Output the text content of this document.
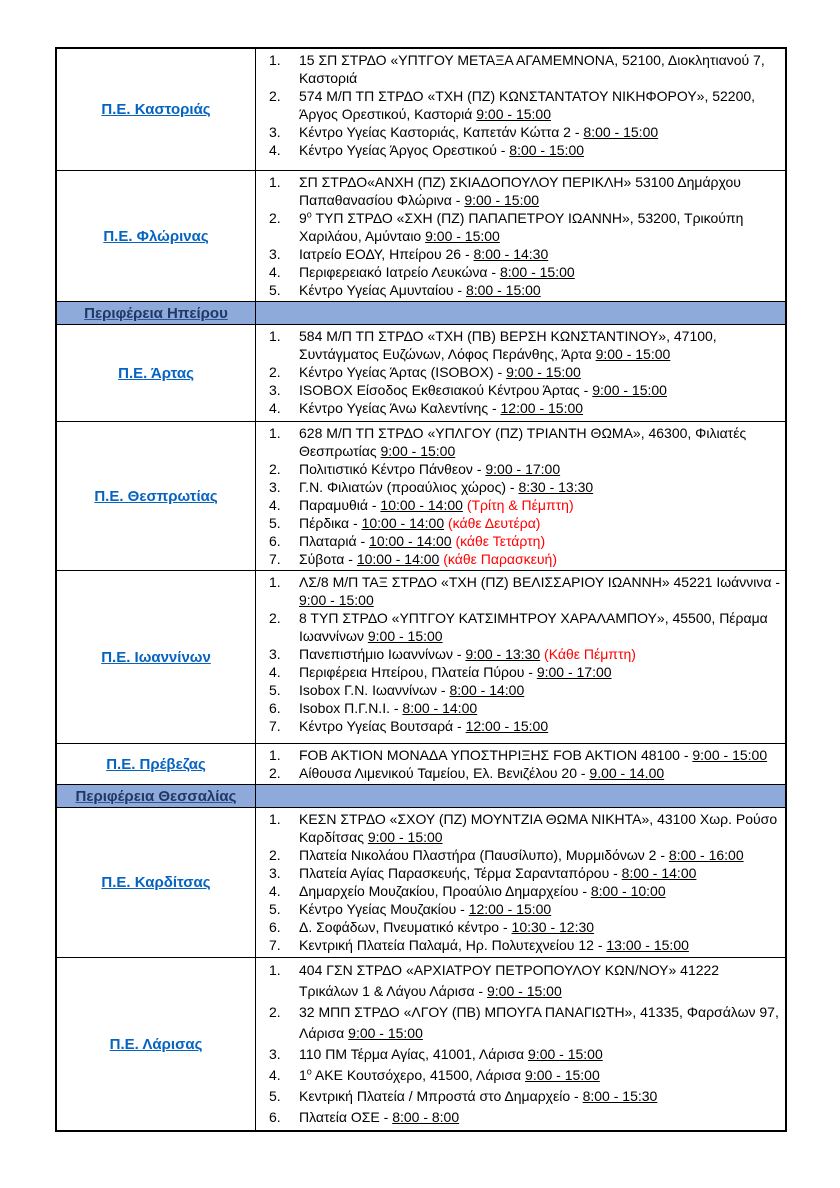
Π.Ε. Καστοριάς
1.	15 ΣΠ ΣΤΡΔΟ «ΥΠΤΓΟΥ ΜΕΤΑΞΑ ΑΓΑΜΕΜΝΟΝΑ, 52100, Διοκλητιανού 7, Καστοριά
2.	574 Μ/Π ΤΠ ΣΤΡΔΟ «ΤΧΗ (ΠΖ) ΚΩΝΣΤΑΝΤΑΤΟΥ ΝΙΚΗΦΟΡΟΥ», 52200, Άργος Ορεστικού, Καστοριά 9:00 - 15:00
3.	Κέντρο Υγείας Καστοριάς, Καπετάν Κώττα 2 - 8:00 - 15:00
4.	Κέντρο Υγείας Άργος Ορεστικού - 8:00 - 15:00
Π.Ε. Φλώρινας
1.	ΣΠ ΣΤΡΔΟ«ΑΝΧΗ (ΠΖ) ΣΚΙΑΔΟΠΟΥΛΟΥ ΠΕΡΙΚΛΗ» 53100 Δημάρχου Παπαθανασίου Φλώρινα - 9:00 - 15:00
2.	$9^o$ ΤΥΠ ΣΤΡΔΟ «ΣΧΗ (ΠΖ) ΠΑΠΑΠΕΤΡΟΥ ΙΩΑΝΝΗ», 53200, Τρικούπη Χαριλάου, Αμύνταιο 9:00 - 15:00
3.	Ιατρείο ΕΟΔΥ, Ηπείρου 26 - 8:00 - 14:30
4.	Περιφερειακό Ιατρείο Λευκώνα - 8:00 - 15:00
5.	Κέντρο Υγείας Αμυνταίου - 8:00 - 15:00
Περιφέρεια Ηπείρου
Π.Ε. Άρτας
1.	584 Μ/Π ΤΠ ΣΤΡΔΟ «ΤΧΗ (ΠΒ) ΒΕΡΣΗ ΚΩΝΣΤΑΝΤΙΝΟΥ», 47100, Συντάγματος Ευζώνων, Λόφος Περάνθης, Άρτα 9:00 - 15:00
2.	Κέντρο Υγείας Άρτας (ISOBOX) - 9:00 - 15:00
3.	ISOBOX Είσοδος Εκθεσιακού Κέντρου Άρτας - 9:00 - 15:00
4.	Κέντρο Υγείας Άνω Καλεντίνης - 12:00 - 15:00
Π.Ε. Θεσπρωτίας
1.	628 Μ/Π ΤΠ ΣΤΡΔΟ «ΥΠΛΓΟΥ (ΠΖ) ΤΡΙΑΝΤΗ ΘΩΜΑ», 46300, Φιλιατές Θεσπρωτίας 9:00 - 15:00
2.	Πολιτιστικό Κέντρο Πάνθεον - 9:00 - 17:00
3.	Γ.Ν. Φιλιατών (προαύλιος χώρος) - 8:30 - 13:30
4.	Παραμυθιά - 10:00 - 14:00 (Τρίτη & Πέμπτη)
5.	Πέρδικα - 10:00 - 14:00 (κάθε Δευτέρα)
6.	Πλαταριά - 10:00 - 14:00 (κάθε Τετάρτη)
7.	Σύβοτα - 10:00 - 14:00 (κάθε Παρασκευή)
Π.Ε. Ιωαννίνων
1.	ΛΣ/8 Μ/Π ΤΑΞ ΣΤΡΔΟ «ΤΧΗ (ΠΖ) ΒΕΛΙΣΣΑΡΙΟΥ ΙΩΑΝΝΗ» 45221 Ιωάννινα - 9:00 - 15:00
2.	8 ΤΥΠ ΣΤΡΔΟ «ΥΠΤΓΟΥ ΚΑΤΣΙΜΗΤΡΟΥ ΧΑΡΑΛΑΜΠΟΥ», 45500, Πέραμα Ιωαννίνων 9:00 - 15:00
3.	Πανεπιστήμιο Ιωαννίνων - 9:00 - 13:30 (Κάθε Πέμπτη)
4.	Περιφέρεια Ηπείρου, Πλατεία Πύρου - 9:00 - 17:00
5.	Isobox Γ.Ν. Ιωαννίνων - 8:00 - 14:00
6.	Isobox Π.Γ.Ν.Ι. - 8:00 - 14:00
7.	Κέντρο Υγείας Βουτσαρά - 12:00 - 15:00
Π.Ε. Πρέβεζας
1.	FOB AKTION ΜΟΝΑΔΑ ΥΠΟΣΤΗΡΙΞΗΣ FOB AKTION 48100 - 9:00 - 15:00
2.	Αίθουσα Λιμενικού Ταμείου, Ελ. Βενιζέλου 20 - 9.00 - 14.00
Περιφέρεια Θεσσαλίας
Π.Ε. Καρδίτσας
1.	ΚΕΣΝ ΣΤΡΔΟ «ΣΧΟΥ (ΠΖ) ΜΟΥΝΤΖΙΑ ΘΩΜΑ ΝΙΚΗΤΑ», 43100 Χωρ. Ρούσο Καρδίτσας 9:00 - 15:00
2.	Πλατεία Νικολάου Πλαστήρα (Παυσίλυπο), Μυρμιδόνων 2 - 8:00 - 16:00
3.	Πλατεία Αγίας Παρασκευής, Τέρμα Σαρανταπόρου - 8:00 - 14:00
4.	Δημαρχείο Μουζακίου, Προαύλιο Δημαρχείου - 8:00 - 10:00
5.	Κέντρο Υγείας Μουζακίου - 12:00 - 15:00
6.	Δ. Σοφάδων, Πνευματικό κέντρο - 10:30 - 12:30
7.	Κεντρική Πλατεία Παλαμά, Ηρ. Πολυτεχνείου 12 - 13:00 - 15:00
Π.Ε. Λάρισας
1.	404 ΓΣΝ ΣΤΡΔΟ «ΑΡΧΙΑΤΡΟΥ ΠΕΤΡΟΠΟΥΛΟΥ ΚΩΝ/ΝΟΥ» 41222 Τρικάλων 1 & Λάγου Λάρισα - 9:00 - 15:00
2.	32 ΜΠΠ ΣΤΡΔΟ «ΛΓΟΥ (ΠΒ) ΜΠΟΥΓΑ ΠΑΝΑΓΙΩΤΗ», 41335, Φαρσάλων 97, Λάρισα 9:00 - 15:00
3.	110 ΠΜ Τέρμα Αγίας, 41001, Λάρισα 9:00 - 15:00
4.	$1^o$ ΑΚΕ Κουτσόχερο, 41500, Λάρισα 9:00 - 15:00
5.	Κεντρική Πλατεία / Μπροστά στο Δημαρχείο - 8:00 - 15:30
6.	Πλατεία ΟΣΕ - 8:00 - 8:00
